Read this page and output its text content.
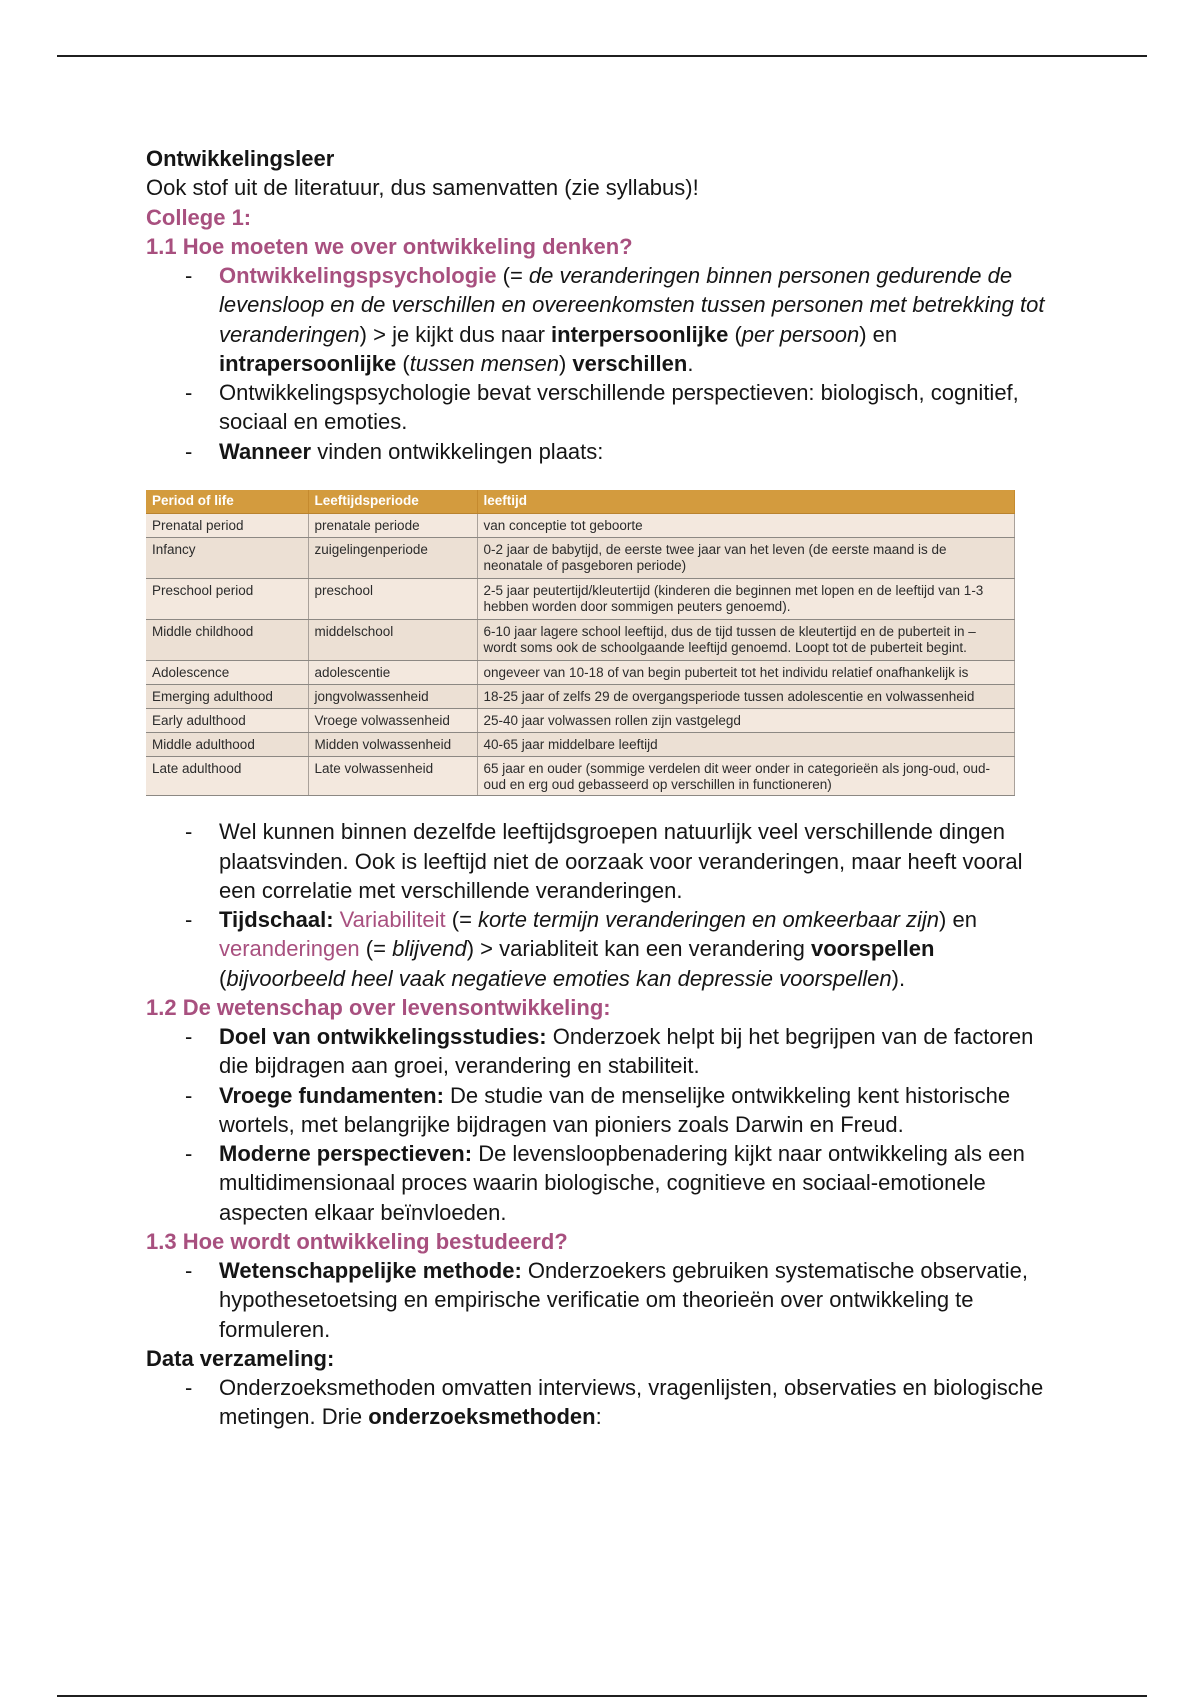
Ontwikkelingsleer

Ook stof uit de literatuur, dus samenvatten (zie syllabus)!

College 1:

1.1 Hoe moeten we over ontwikkeling denken?

- Ontwikkelingspsychologie (= de veranderingen binnen personen gedurende de levensloop en de verschillen en overeenkomsten tussen personen met betrekking tot veranderingen) > je kijkt dus naar interpersoonlijke (per persoon) en intrapersoonlijke (tussen mensen) verschillen.
- Ontwikkelingspsychologie bevat verschillende perspectieven: biologisch, cognitief, sociaal en emoties.
- Wanneer vinden ontwikkelingen plaats:
Period of life	Leeftijdsperiode	leeftijd
Prenatal period	prenatale periode	van conceptie tot geboorte
Infancy	zuigelingenperiode	0-2 jaar de babytijd, de eerste twee jaar van het leven (de eerste maand is de neonatale of pasgeboren periode)
Preschool period	preschool	2-5 jaar peutertijd/kleutertijd (kinderen die beginnen met lopen en de leeftijd van 1-3 hebben worden door sommigen peuters genoemd).
Middle childhood	middelschool	6-10 jaar lagere school leeftijd, dus de tijd tussen de kleutertijd en de puberteit in – wordt soms ook de schoolgaande leeftijd genoemd. Loopt tot de puberteit begint.
Adolescence	adolescentie	ongeveer van 10-18 of van begin puberteit tot het individu relatief onafhankelijk is
Emerging adulthood	jongvolwassenheid	18-25 jaar of zelfs 29 de overgangsperiode tussen adolescentie en volwassenheid
Early adulthood	Vroege volwassenheid	25-40 jaar volwassen rollen zijn vastgelegd
Middle adulthood	Midden volwassenheid	40-65 jaar middelbare leeftijd
Late adulthood	Late volwassenheid	65 jaar en ouder (sommige verdelen dit weer onder in categorieën als jong-oud, oud-oud en erg oud gebasseerd op verschillen in functioneren)
- Wel kunnen binnen dezelfde leeftijdsgroepen natuurlijk veel verschillende dingen plaatsvinden. Ook is leeftijd niet de oorzaak voor veranderingen, maar heeft vooral een correlatie met verschillende veranderingen.
- Tijdschaal: Variabiliteit (= korte termijn veranderingen en omkeerbaar zijn) en veranderingen (= blijvend) > variabliteit kan een verandering voorspellen (bijvoorbeeld heel vaak negatieve emoties kan depressie voorspellen).

1.2 De wetenschap over levensontwikkeling:

- Doel van ontwikkelingsstudies: Onderzoek helpt bij het begrijpen van de factoren die bijdragen aan groei, verandering en stabiliteit.
- Vroege fundamenten: De studie van de menselijke ontwikkeling kent historische wortels, met belangrijke bijdragen van pioniers zoals Darwin en Freud.
- Moderne perspectieven: De levensloopbenadering kijkt naar ontwikkeling als een multidimensionaal proces waarin biologische, cognitieve en sociaal-emotionele aspecten elkaar beïnvloeden.

1.3 Hoe wordt ontwikkeling bestudeerd?

- Wetenschappelijke methode: Onderzoekers gebruiken systematische observatie, hypothesetoetsing en empirische verificatie om theorieën over ontwikkeling te formuleren.

Data verzameling:

- Onderzoeksmethoden omvatten interviews, vragenlijsten, observaties en biologische metingen. Drie onderzoeksmethoden:
